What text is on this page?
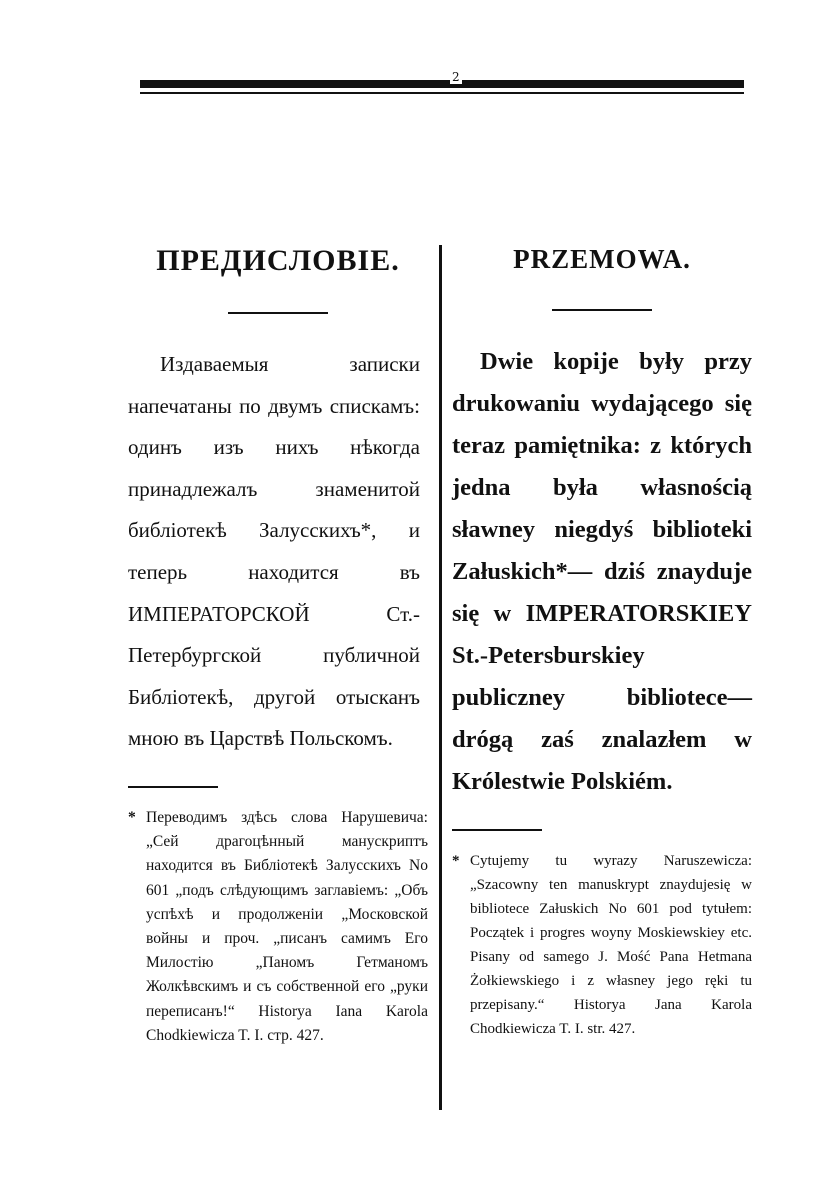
2
ПРЕДИСЛОВІЕ.

Издаваемыя записки напечатаны по двумъ спискамъ: одинъ изъ нихъ нѣкогда принадлежалъ знаменитой библіотекѣ Залусскихъ*, и теперь находится въ ИМПЕРАТОРСКОЙ Ст.-Петербургской публичной Библіотекѣ, другой отысканъ мною въ Царствѣ Польскомъ.

* Переводимъ здѣсь слова Нарушевича: „Сей драгоцѣнный манускриптъ находится въ Библіотекѣ Залусскихъ No 601 „подъ слѣдующимъ заглавіемъ: „Объ успѣхѣ и продолженіи „Московской войны и проч. „писанъ самимъ Его Милостію „Паномъ Гетманомъ Жолкѣвскимъ и съ собственной его „руки переписанъ!“ Historya Iana Karola Chodkiewicza T. I. стр. 427.

PRZEMOWA.

Dwie kopije były przy drukowaniu wydającego się teraz pamiętnika: z których jedna była własnością sławney niegdyś biblioteki Załuskich*— dziś znayduje się w IMPERATORSKIEY St.-Petersburskiey publiczney bibliotece—drógą zaś znalazłem w Królestwie Polskiém.

* Cytujemy tu wyrazy Naruszewicza: „Szacowny ten manuskrypt znaydujesię w bibliotece Załuskich No 601 pod tytułem: Początek i progres woyny Moskiewskiey etc. Pisany od samego J. Mość Pana Hetmana Żołkiewskiego i z własney jego ręki tu przepisany.“ Historya Jana Karola Chodkiewicza T. I. str. 427.
